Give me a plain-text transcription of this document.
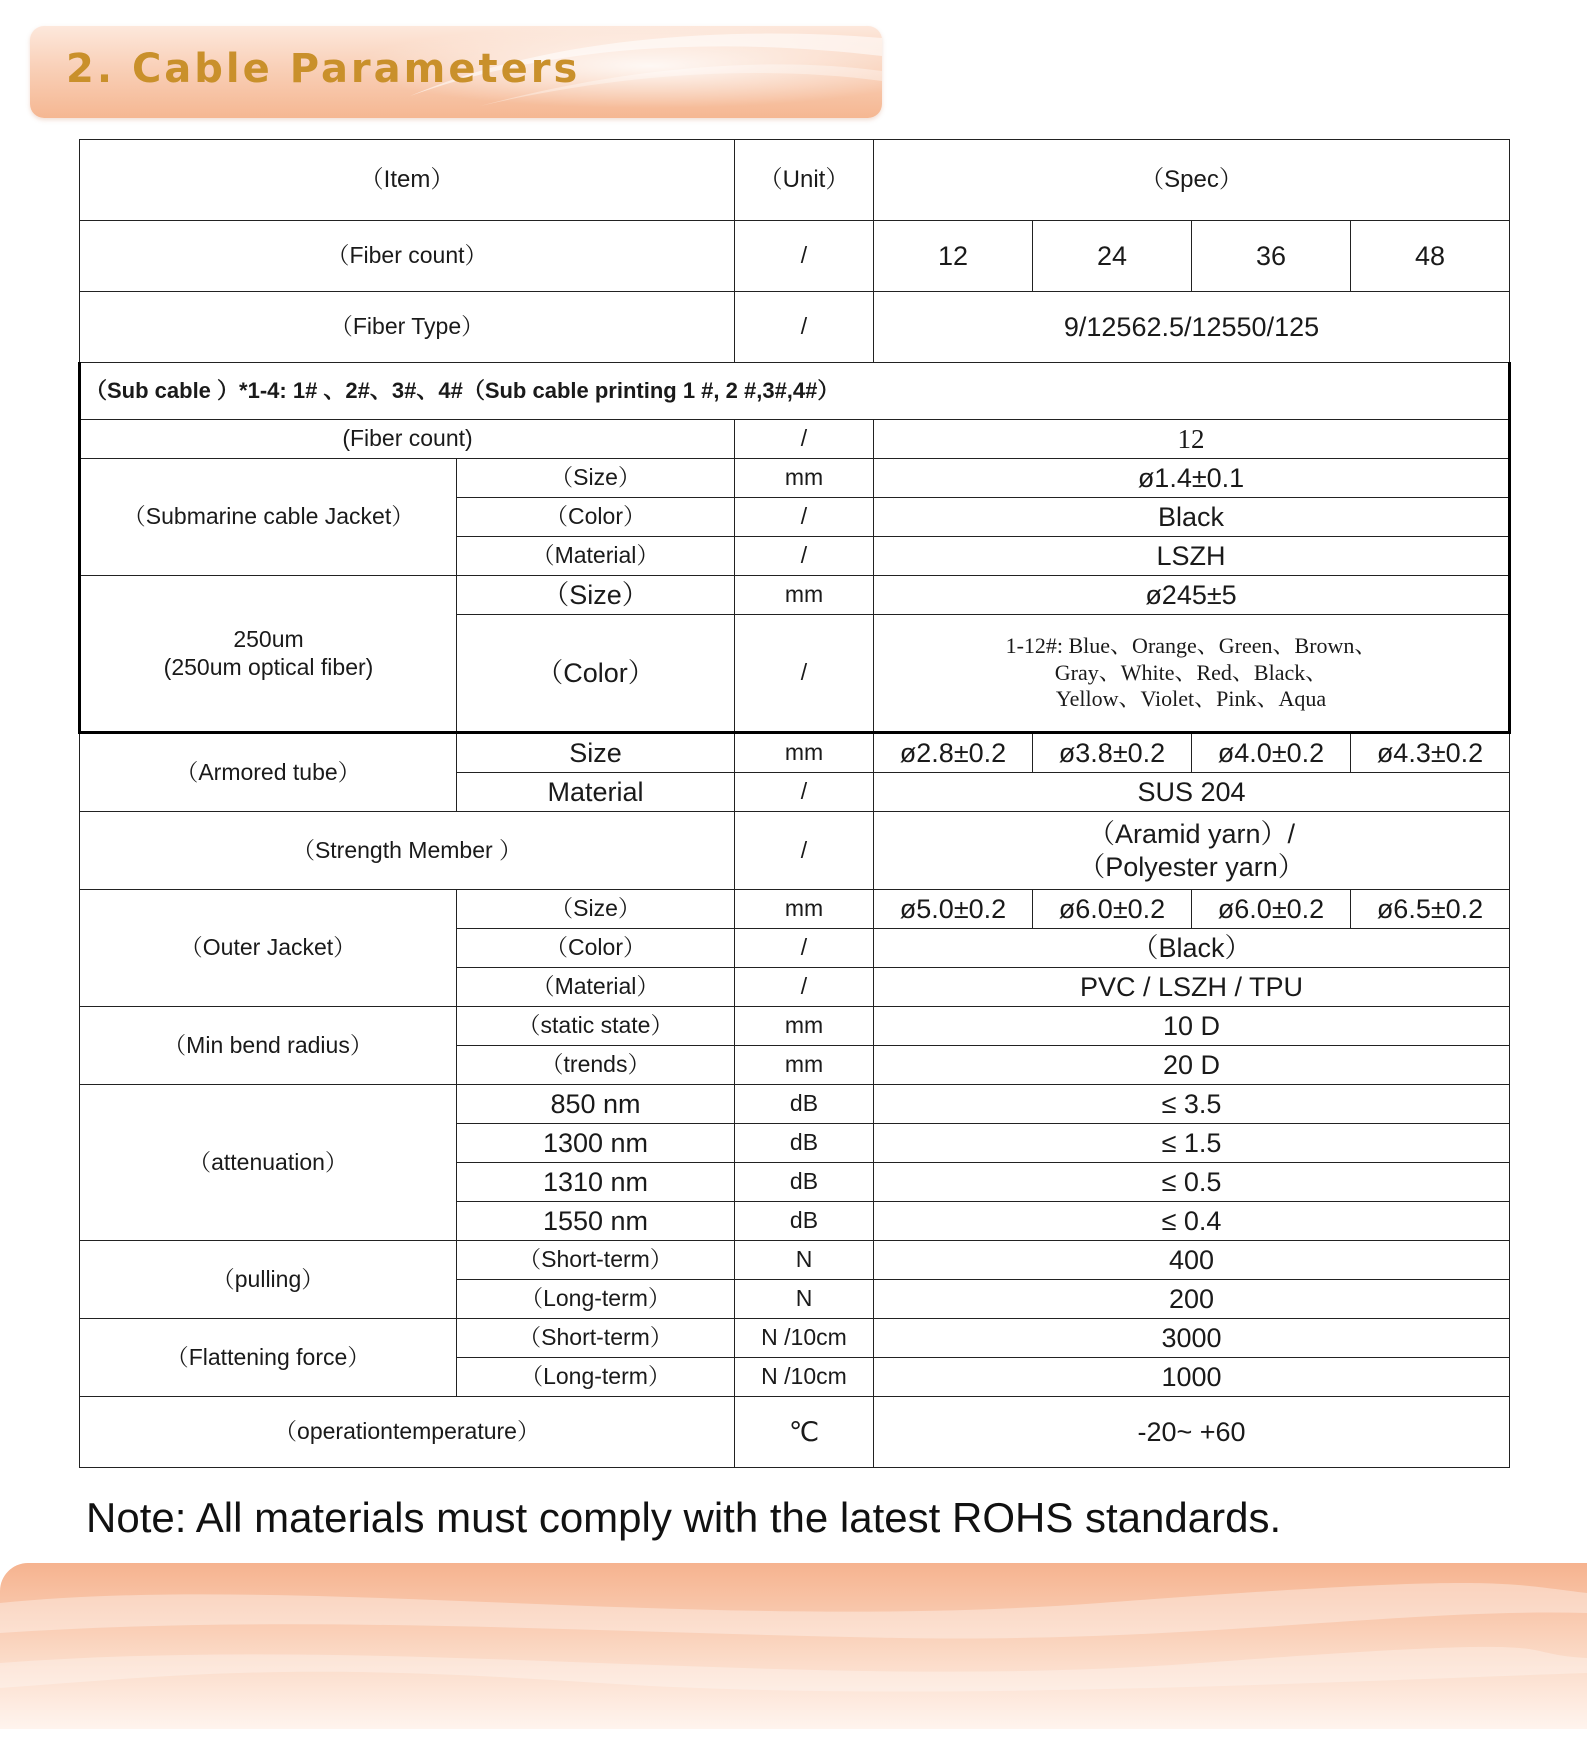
2. Cable Parameters
（Item）		（Unit）	（Spec）			
（Fiber count）		/	12	24	36	48
（Fiber Type）		/	9/12562.5/12550/125			
（Sub cable ）*1-4: 1# 、2#、3#、4#（Sub cable printing 1 #, 2 #,3#,4#）						
(Fiber count)		/	12			
（Submarine cable Jacket）	（Size）	mm	ø1.4±0.1			
	（Color）	/	Black			
	（Material）	/	LSZH			

250um
(250um optical fiber)	（Size）	mm	ø245±5			
	（Color）	/	1-12#: Blue、Orange、Green、Brown、
Gray、White、Red、Black、
Yellow、Violet、Pink、Aqua			

（Armored tube）	Size	mm	ø2.8±0.2	ø3.8±0.2	ø4.0±0.2	ø4.3±0.2
	Material	/	SUS 204			
（Strength Member ）		/	（Aramid yarn）/
（Polyester yarn）			

（Outer Jacket）	（Size）	mm	ø5.0±0.2	ø6.0±0.2	ø6.0±0.2	ø6.5±0.2
	（Color）	/	（Black）			
	（Material）	/	PVC / LSZH / TPU			
（Min bend radius）	（static state）	mm	10 D			
	（trends）	mm	20 D			
（attenuation）	850 nm	dB	≤ 3.5			
	1300 nm	dB	≤ 1.5			
	1310 nm	dB	≤ 0.5			
	1550 nm	dB	≤ 0.4			
（pulling）	（Short-term）	N	400			
	（Long-term）	N	200			
（Flattening force）	（Short-term）	N /10cm	3000			
	（Long-term）	N /10cm	1000			
（operationtemperature）		℃	-20~ +60			
Note: All materials must comply with the latest ROHS standards.
